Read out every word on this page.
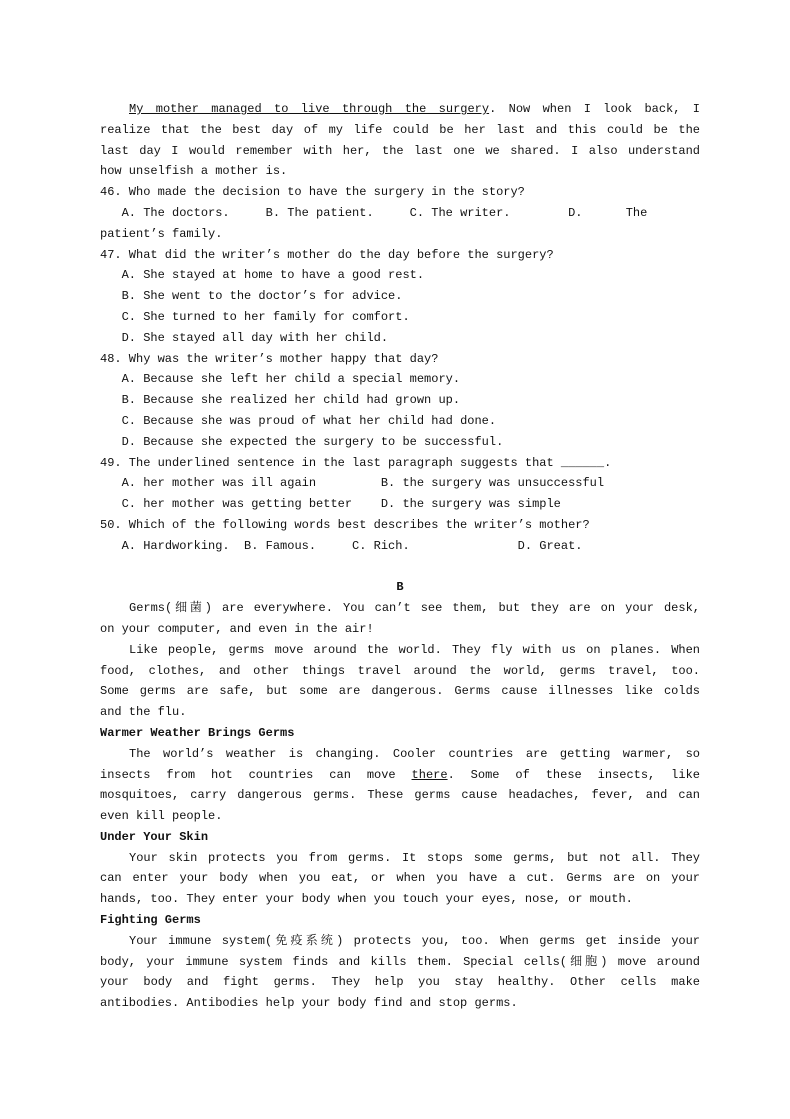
My mother managed to live through the surgery. Now when I look back, I
realize that the best day of my life could be her last and this could be the
last day I would remember with her, the last one we shared. I also understand
how unselfish a mother is.
46. Who made the decision to have the surgery in the story?
A. The doctors.     B. The patient.     C. The writer.        D.      The
patient’s family.
47. What did the writer’s mother do the day before the surgery?
A. She stayed at home to have a good rest.
B. She went to the doctor’s for advice.
C. She turned to her family for comfort.
D. She stayed all day with her child.
48. Why was the writer’s mother happy that day?
A. Because she left her child a special memory.
B. Because she realized her child had grown up.
C. Because she was proud of what her child had done.
D. Because she expected the surgery to be successful.
49. The underlined sentence in the last paragraph suggests that ______.
A. her mother was ill again         B. the surgery was unsuccessful
C. her mother was getting better    D. the surgery was simple
50. Which of the following words best describes the writer’s mother?
A. Hardworking.  B. Famous.     C. Rich.               D. Great.

B
Germs(细菌) are everywhere. You can’t see them, but they are on your desk,
on your computer, and even in the air!
Like people, germs move around the world. They fly with us on planes. When
food, clothes, and other things travel around the world, germs travel, too.
Some germs are safe, but some are dangerous. Germs cause illnesses like colds
and the flu.
Warmer Weather Brings Germs
The world’s weather is changing. Cooler countries are getting warmer, so
insects from hot countries can move there. Some of these insects, like
mosquitoes, carry dangerous germs. These germs cause headaches, fever, and can
even kill people.
Under Your Skin
Your skin protects you from germs. It stops some germs, but not all. They
can enter your body when you eat, or when you have a cut. Germs are on your
hands, too. They enter your body when you touch your eyes, nose, or mouth.
Fighting Germs
Your immune system(免疫系统) protects you, too. When germs get inside your
body, your immune system finds and kills them. Special cells(细胞) move around
your body and fight germs. They help you stay healthy. Other cells make
antibodies. Antibodies help your body find and stop germs.
